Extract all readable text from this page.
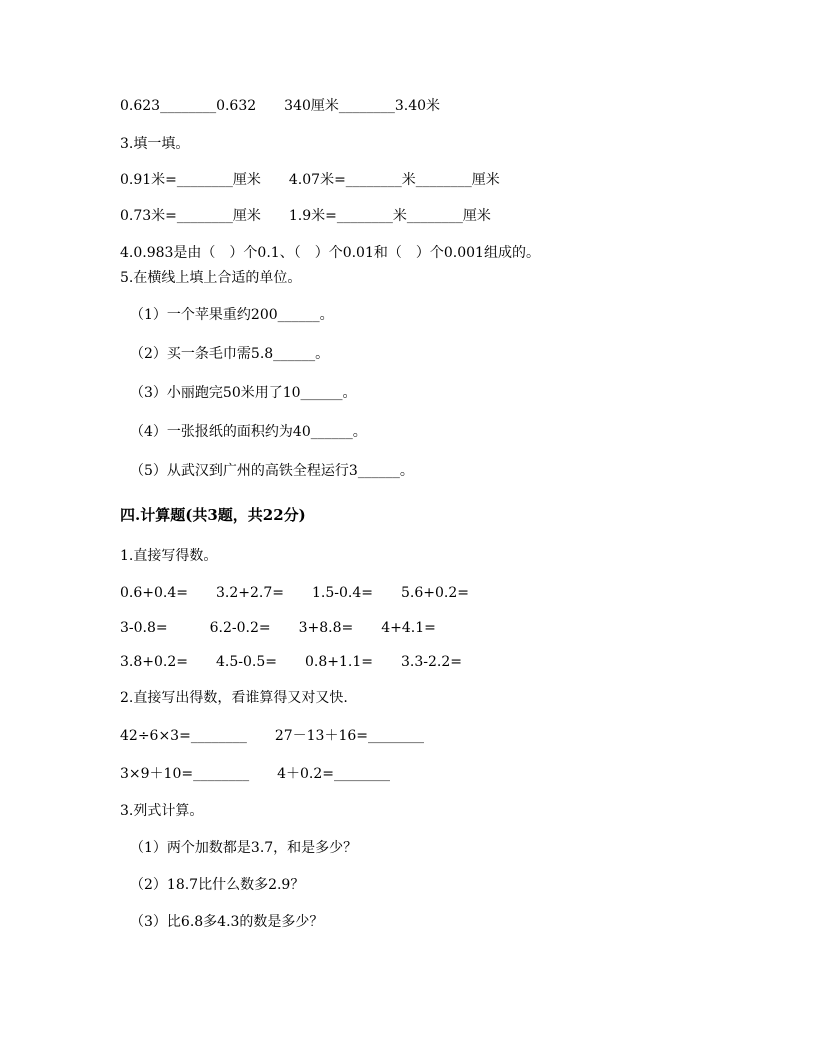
0.623________0.632　　340厘米________3.40米
3.填一填。
0.91米=________厘米　　4.07米=________米________厘米
0.73米=________厘米　　1.9米=________米________厘米
4.0.983是由（　）个0.1、（　）个0.01和（　）个0.001组成的。
5.在横线上填上合适的单位。
（1）一个苹果重约200______。
（2）买一条毛巾需5.8______。
（3）小丽跑完50米用了10______。
（4）一张报纸的面积约为40______。
（5）从武汉到广州的高铁全程运行3______。
四.计算题(共3题，共22分)
1.直接写得数。
0.6+0.4=　　3.2+2.7=　　1.5-0.4=　　5.6+0.2=
3-0.8=　　　6.2-0.2=　　3+8.8=　　4+4.1=
3.8+0.2=　　4.5-0.5=　　0.8+1.1=　　3.3-2.2=
2.直接写出得数，看谁算得又对又快.
42÷6×3=________　　27－13＋16=________
3×9＋10=________　　4＋0.2=________
3.列式计算。
（1）两个加数都是3.7，和是多少？
（2）18.7比什么数多2.9？
（3）比6.8多4.3的数是多少？
